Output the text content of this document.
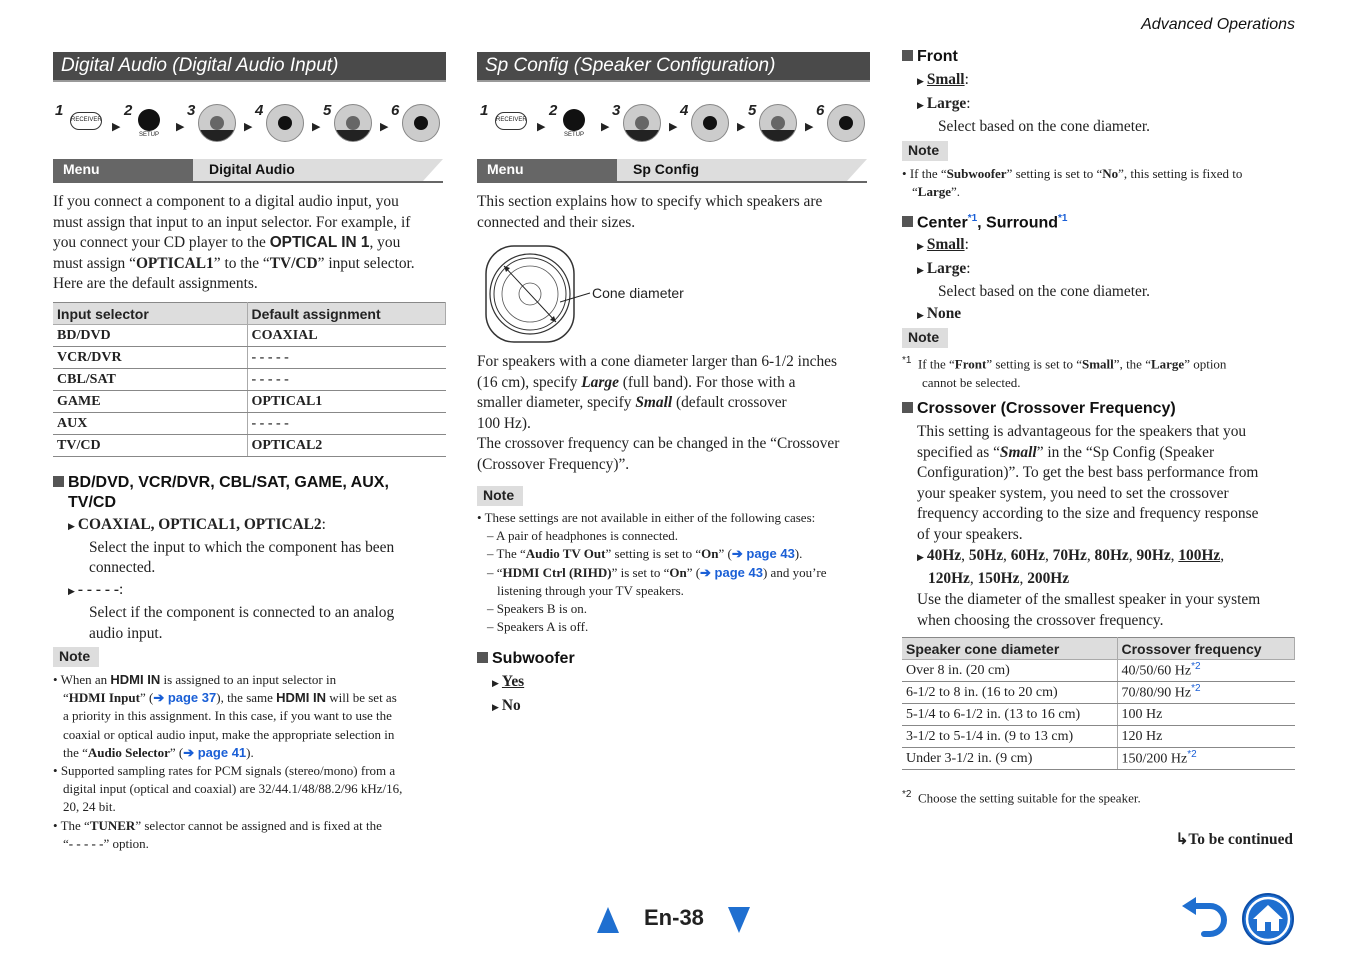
Advanced Operations
Digital Audio (Digital Audio Input)
1
RECEIVER ▶
2
SETUP
▶
3
▶
4
▶
5
▶
6
Menu	Digital Audio
If you connect a component to a digital audio input, you
must assign that input to an input selector. For example, if
you connect your CD player to the OPTICAL IN 1, you
must assign “OPTICAL1” to the “TV/CD” input selector.
Here are the default assignments.
Input selector	Default assignment
BD/DVD	COAXIAL
VCR/DVR	- - - - -
CBL/SAT	- - - - -
GAME	OPTICAL1
AUX	- - - - -
TV/CD	OPTICAL2
BD/DVD, VCR/DVR, CBL/SAT, GAME, AUX,
TV/CD
▶ COAXIAL, OPTICAL1, OPTICAL2:
Select the input to which the component has been
connected.
▶ - - - - -:
Select if the component is connected to an analog
audio input.
Note
• When an HDMI IN is assigned to an input selector in
“HDMI Input” (➔ page 37), the same HDMI IN will be set as
a priority in this assignment. In this case, if you want to use the
coaxial or optical audio input, make the appropriate selection in
the “Audio Selector” (➔ page 41).
• Supported sampling rates for PCM signals (stereo/mono) from a
digital input (optical and coaxial) are 32/44.1/48/88.2/96 kHz/16,
20, 24 bit.
• The “TUNER” selector cannot be assigned and is fixed at the
“- - - - -” option.
Sp Config (Speaker Configuration)
1
RECEIVER ▶
2
SETUP
▶
3
▶
4
▶
5
▶
6
Menu	Sp Config
This section explains how to specify which speakers are
connected and their sizes.
Cone diameter
For speakers with a cone diameter larger than 6-1/2 inches
(16 cm), specify Large (full band). For those with a
smaller diameter, specify Small (default crossover
100 Hz).
The crossover frequency can be changed in the “Crossover
(Crossover Frequency)”.
Note
• These settings are not available in either of the following cases:
– A pair of headphones is connected.
– The “Audio TV Out” setting is set to “On” (➔ page 43).
– “HDMI Ctrl (RIHD)” is set to “On” (➔ page 43) and you’re
listening through your TV speakers.
– Speakers B is on.
– Speakers A is off.
Subwoofer
▶ Yes
▶ No
Front
▶ Small:
▶ Large:
Select based on the cone diameter.
Note
• If the “Subwoofer” setting is set to “No”, this setting is fixed to
“Large”.
Center$^{*1}$, Surround$^{*1}$
▶ Small:
▶ Large:
Select based on the cone diameter.
▶ None
Note
$^{*1}$ If the “Front” setting is set to “Small”, the “Large” option
cannot be selected.
Crossover (Crossover Frequency)
This setting is advantageous for the speakers that you
specified as “Small” in the “Sp Config (Speaker
Configuration)”. To get the best bass performance from
your speaker system, you need to set the crossover
frequency according to the size and frequency response
of your speakers.
▶ 40Hz, 50Hz, 60Hz, 70Hz, 80Hz, 90Hz, 100Hz,
120Hz, 150Hz, 200Hz
Use the diameter of the smallest speaker in your system
when choosing the crossover frequency.
Speaker cone diameter	Crossover frequency
Over 8 in. (20 cm)	40/50/60 Hz$^{*2}$
6-1/2 to 8 in. (16 to 20 cm)	70/80/90 Hz$^{*2}$
5-1/4 to 6-1/2 in. (13 to 16 cm)	100 Hz
3-1/2 to 5-1/4 in. (9 to 13 cm)	120 Hz
Under 3-1/2 in. (9 cm)	150/200 Hz$^{*2}$
$^{*2}$ Choose the setting suitable for the speaker.
↳To be continued
En-38
